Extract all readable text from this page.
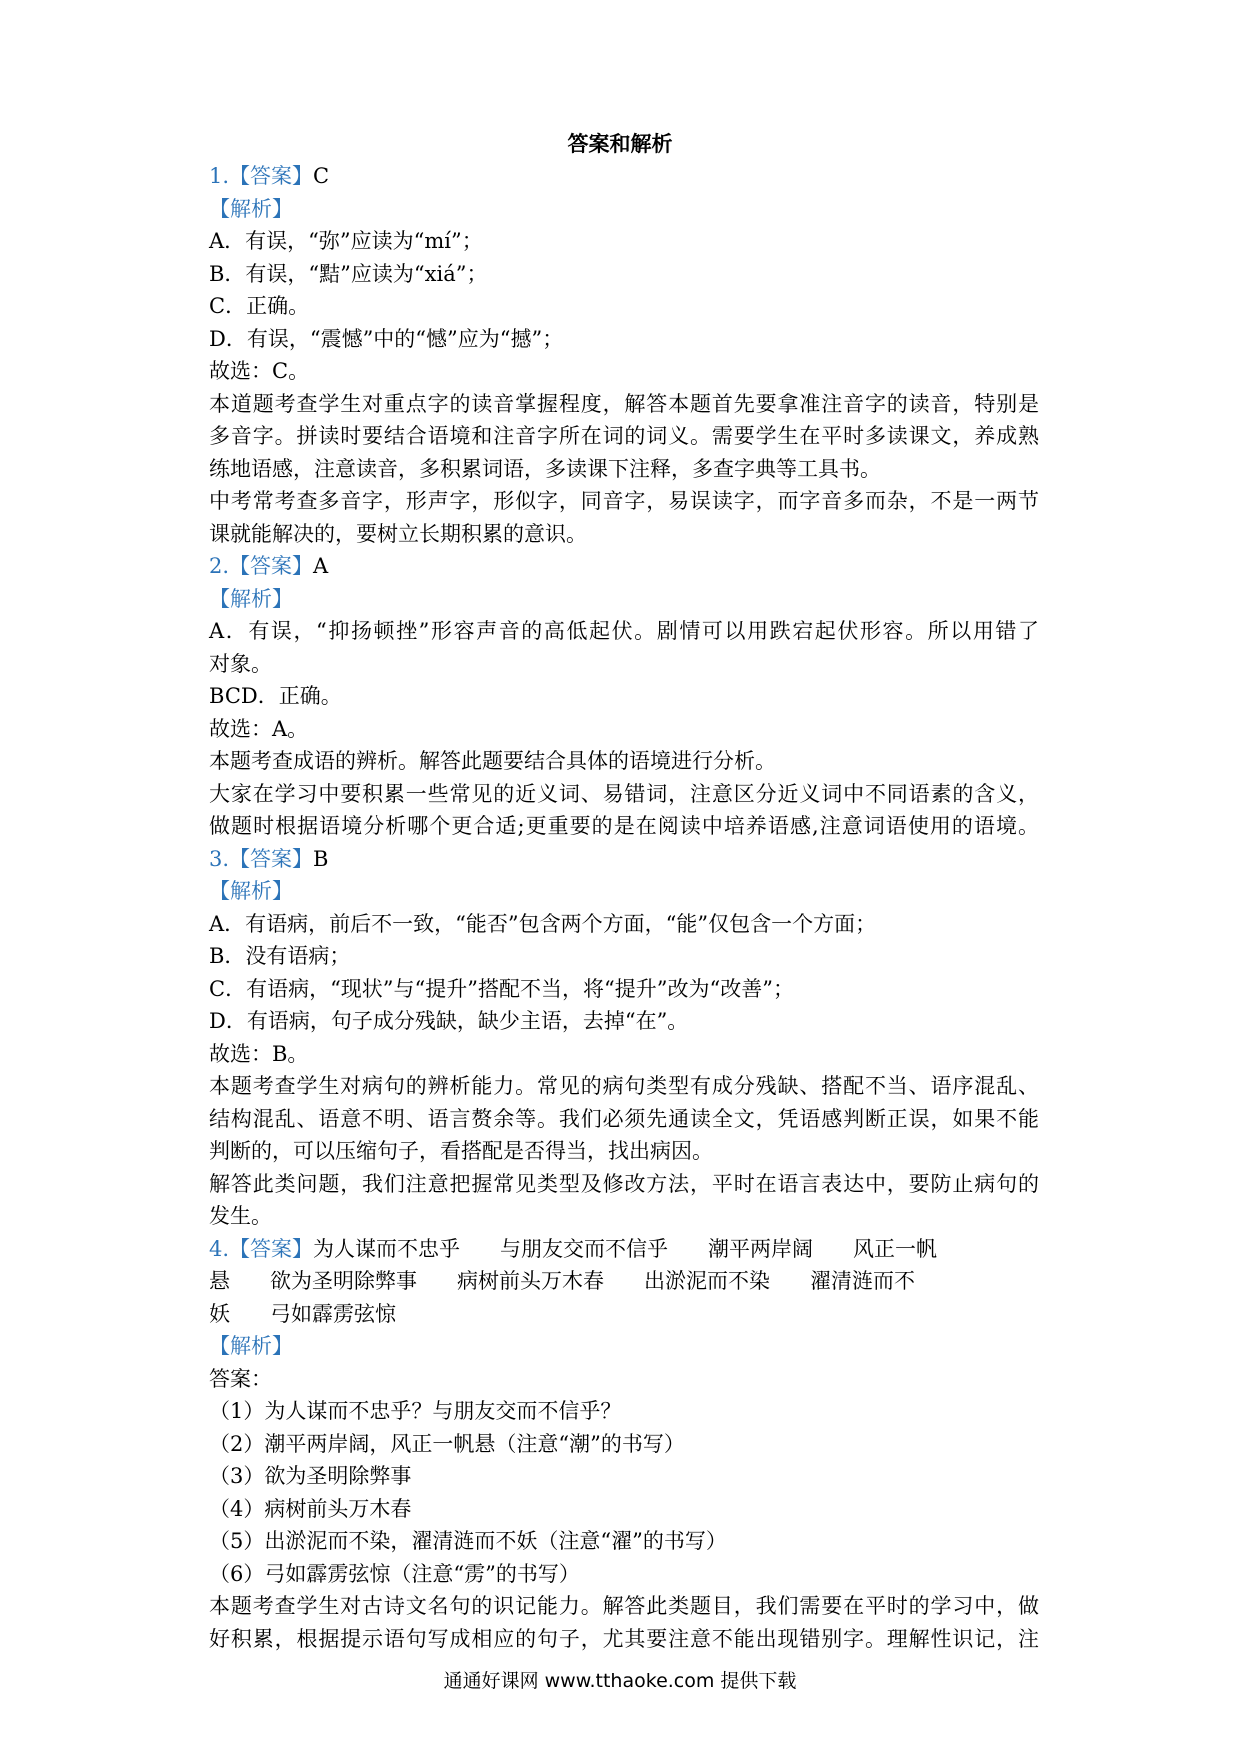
答案和解析
1.【答案】C
【解析】
A．有误，“弥”应读为“mí”；
B．有误，“黠”应读为“xiá”；
C．正确。
D．有误，“震憾”中的“憾”应为“撼”；
故选：C。
本道题考查学生对重点字的读音掌握程度，解答本题首先要拿准注音字的读音，特别是
多音字。拼读时要结合语境和注音字所在词的词义。需要学生在平时多读课文，养成熟
练地语感，注意读音，多积累词语，多读课下注释，多查字典等工具书。
中考常考查多音字，形声字，形似字，同音字，易误读字，而字音多而杂，不是一两节
课就能解决的，要树立长期积累的意识。
2.【答案】A
【解析】
A．有误，“抑扬顿挫”形容声音的高低起伏。剧情可以用跌宕起伏形容。所以用错了
对象。
BCD．正确。
故选：A。
本题考查成语的辨析。解答此题要结合具体的语境进行分析。
大家在学习中要积累一些常见的近义词、易错词，注意区分近义词中不同语素的含义，
做题时根据语境分析哪个更合适;更重要的是在阅读中培养语感,注意词语使用的语境。
3.【答案】B
【解析】
A．有语病，前后不一致，“能否”包含两个方面，“能”仅包含一个方面；
B．没有语病；
C．有语病，“现状”与“提升”搭配不当，将“提升”改为“改善”；
D．有语病，句子成分残缺，缺少主语，去掉“在”。
故选：B。
本题考查学生对病句的辨析能力。常见的病句类型有成分残缺、搭配不当、语序混乱、
结构混乱、语意不明、语言赘余等。我们必须先通读全文，凭语感判断正误，如果不能
判断的，可以压缩句子，看搭配是否得当，找出病因。
解答此类问题，我们注意把握常见类型及修改方法，平时在语言表达中，要防止病句的
发生。
4.【答案】为人谋而不忠乎 与朋友交而不信乎 潮平两岸阔 风正一帆
悬 欲为圣明除弊事 病树前头万木春 出淤泥而不染 濯清涟而不
妖 弓如霹雳弦惊
【解析】
答案：
（1）为人谋而不忠乎？与朋友交而不信乎？
（2）潮平两岸阔，风正一帆悬（注意“潮”的书写）
（3）欲为圣明除弊事
（4）病树前头万木春
（5）出淤泥而不染，濯清涟而不妖（注意“濯”的书写）
（6）弓如霹雳弦惊（注意“雳”的书写）
本题考查学生对古诗文名句的识记能力。解答此类题目，我们需要在平时的学习中，做
好积累，根据提示语句写成相应的句子，尤其要注意不能出现错别字。理解性识记，注
通通好课网 www.tthaoke.com 提供下载
